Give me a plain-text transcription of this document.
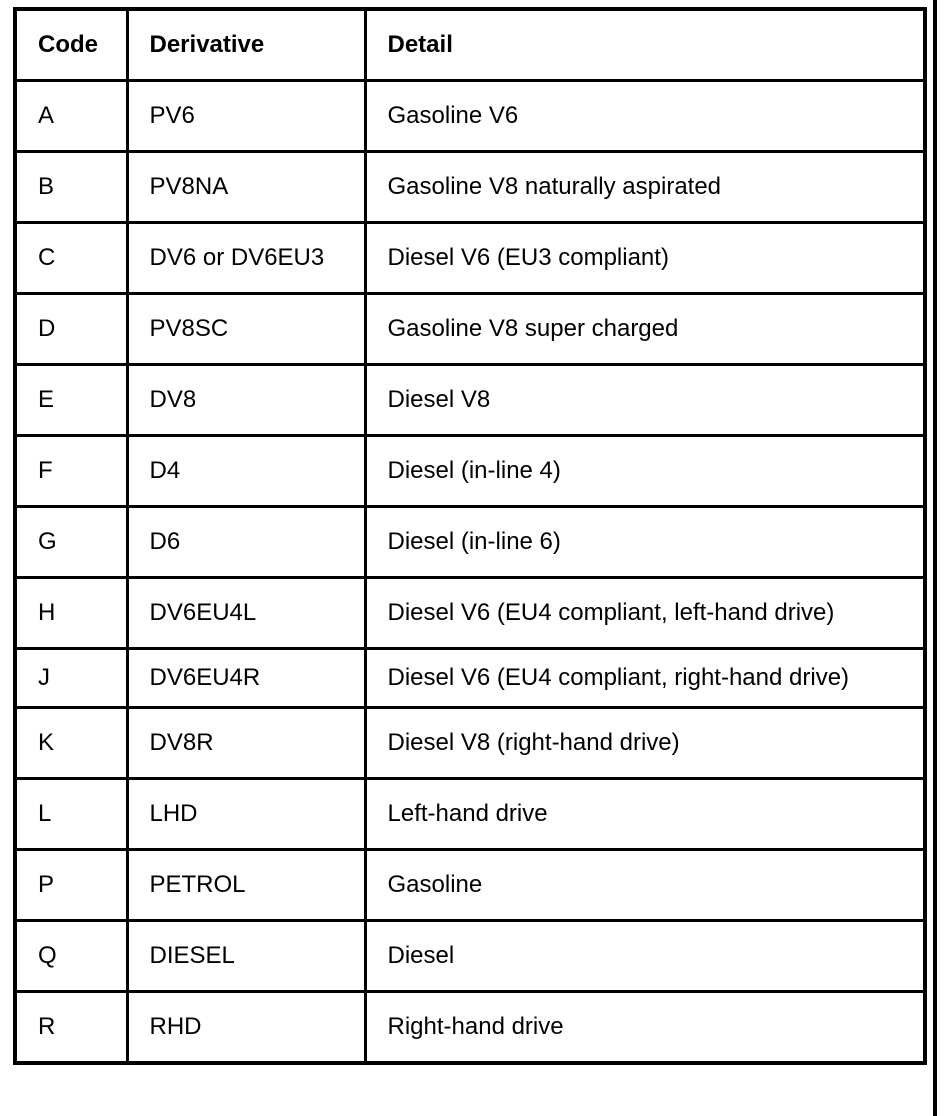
Code	Derivative	Detail
A	PV6	Gasoline V6
B	PV8NA	Gasoline V8 naturally aspirated
C	DV6 or DV6EU3	Diesel V6 (EU3 compliant)
D	PV8SC	Gasoline V8 super charged
E	DV8	Diesel V8
F	D4	Diesel (in-line 4)
G	D6	Diesel (in-line 6)
H	DV6EU4L	Diesel V6 (EU4 compliant, left-hand drive)
J	DV6EU4R	Diesel V6 (EU4 compliant, right-hand drive)
K	DV8R	Diesel V8 (right-hand drive)
L	LHD	Left-hand drive
P	PETROL	Gasoline
Q	DIESEL	Diesel
R	RHD	Right-hand drive
